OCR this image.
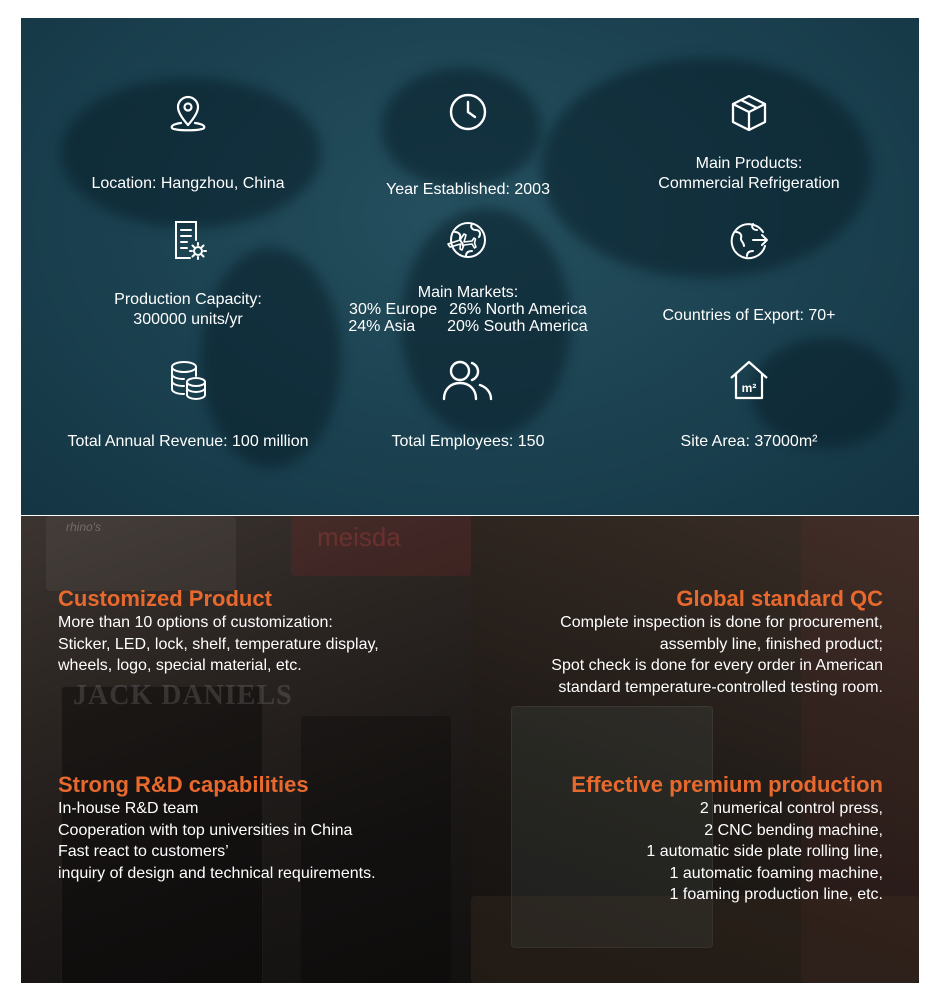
Location: Hangzhou, China	Year Established: 2003
Main Products:
Commercial Refrigeration
Production Capacity:
300000 units/yr
Main Markets:
30% Europe 26% North America
24% Asia 20% South America
Countries of Export: 70+
Total Annual Revenue: 100 million	Total Employees: 150
m²
Site Area: 37000m²
rhino's	meisda
JACK DANIELS
Customized Product
More than 10 options of customization:
Sticker, LED, lock, shelf, temperature display,
wheels, logo, special material, etc.
Global standard QC
Complete inspection is done for procurement,
assembly line, finished product;
Spot check is done for every order in American
standard temperature-controlled testing room.
Strong R&D capabilities
In-house R&D team
Cooperation with top universities in China
Fast react to customers’
inquiry of design and technical requirements.
Effective premium production
2 numerical control press,
2 CNC bending machine,
1 automatic side plate rolling line,
1 automatic foaming machine,
1 foaming production line, etc.
